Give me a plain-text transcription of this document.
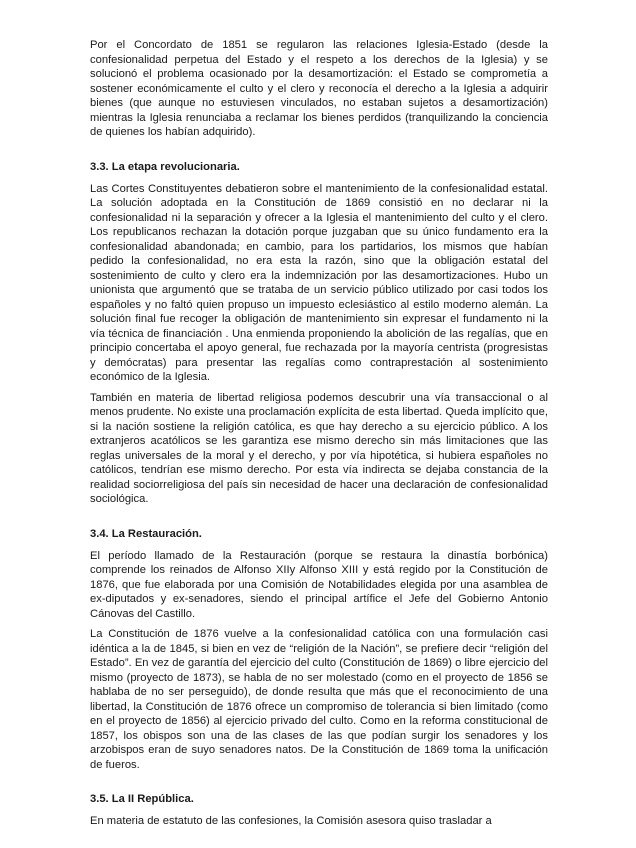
Por el Concordato de 1851 se regularon las relaciones Iglesia-Estado (desde la confesionalidad perpetua del Estado y el respeto a los derechos de la Iglesia) y se solucionó el problema ocasionado por la desamortización: el Estado se comprometía a sostener económicamente el culto y el clero y reconocía el derecho a la Iglesia a adquirir bienes (que aunque no estuviesen vinculados, no estaban sujetos a desamortización) mientras la Iglesia renunciaba a reclamar los bienes perdidos (tranquilizando la conciencia de quienes los habían adquirido).

3.3. La etapa revolucionaria.

Las Cortes Constituyentes debatieron sobre el mantenimiento de la confesionalidad estatal. La solución adoptada en la Constitución de 1869 consistió en no declarar ni la confesionalidad ni la separación y ofrecer a la Iglesia el mantenimiento del culto y el clero. Los republicanos rechazan la dotación porque juzgaban que su único fundamento era la confesionalidad abandonada; en cambio, para los partidarios, los mismos que habían pedido la confesionalidad, no era esta la razón, sino que la obligación estatal del sostenimiento de culto y clero era la indemnización por las desamortizaciones. Hubo un unionista que argumentó que se trataba de un servicio público utilizado por casi todos los españoles y no faltó quien propuso un impuesto eclesiástico al estilo moderno alemán. La solución final fue recoger la obligación de mantenimiento sin expresar el fundamento ni la vía técnica de financiación . Una enmienda proponiendo la abolición de las regalías, que en principio concertaba el apoyo general, fue rechazada por la mayoría centrista (progresistas y demócratas) para presentar las regalías como contraprestación al sostenimiento económico de la Iglesia.

También en materia de libertad religiosa podemos descubrir una vía transaccional o al menos prudente. No existe una proclamación explícita de esta libertad. Queda implícito que, si la nación sostiene la religión católica, es que hay derecho a su ejercicio público. A los extranjeros acatólicos se les garantiza ese mismo derecho sin más limitaciones que las reglas universales de la moral y el derecho, y por vía hipotética, si hubiera españoles no católicos, tendrían ese mismo derecho. Por esta vía indirecta se dejaba constancia de la realidad sociorreligiosa del país sin necesidad de hacer una declaración de confesionalidad sociológica.

3.4. La Restauración.

El período llamado de la Restauración (porque se restaura la dinastía borbónica) comprende los reinados de Alfonso XIIy Alfonso XIII y está regido por la Constitución de 1876, que fue elaborada por una Comisión de Notabilidades elegida por una asamblea de ex-diputados y ex-senadores, siendo el principal artífice el Jefe del Gobierno Antonio Cánovas del Castillo.

La Constitución de 1876 vuelve a la confesionalidad católica con una formulación casi idéntica a la de 1845, si bien en vez de “religión de la Nación”, se prefiere decir “religión del Estado”. En vez de garantía del ejercicio del culto (Constitución de 1869) o libre ejercicio del mismo (proyecto de 1873), se habla de no ser molestado (como en el proyecto de 1856 se hablaba de no ser perseguido), de donde resulta que más que el reconocimiento de una libertad, la Constitución de 1876 ofrece un compromiso de tolerancia si bien limitado (como en el proyecto de 1856) al ejercicio privado del culto. Como en la reforma constitucional de 1857, los obispos son una de las clases de las que podían surgir los senadores y los arzobispos eran de suyo senadores natos. De la Constitución de 1869 toma la unificación de fueros.

3.5. La II República.

En materia de estatuto de las confesiones, la Comisión asesora quiso trasladar a
